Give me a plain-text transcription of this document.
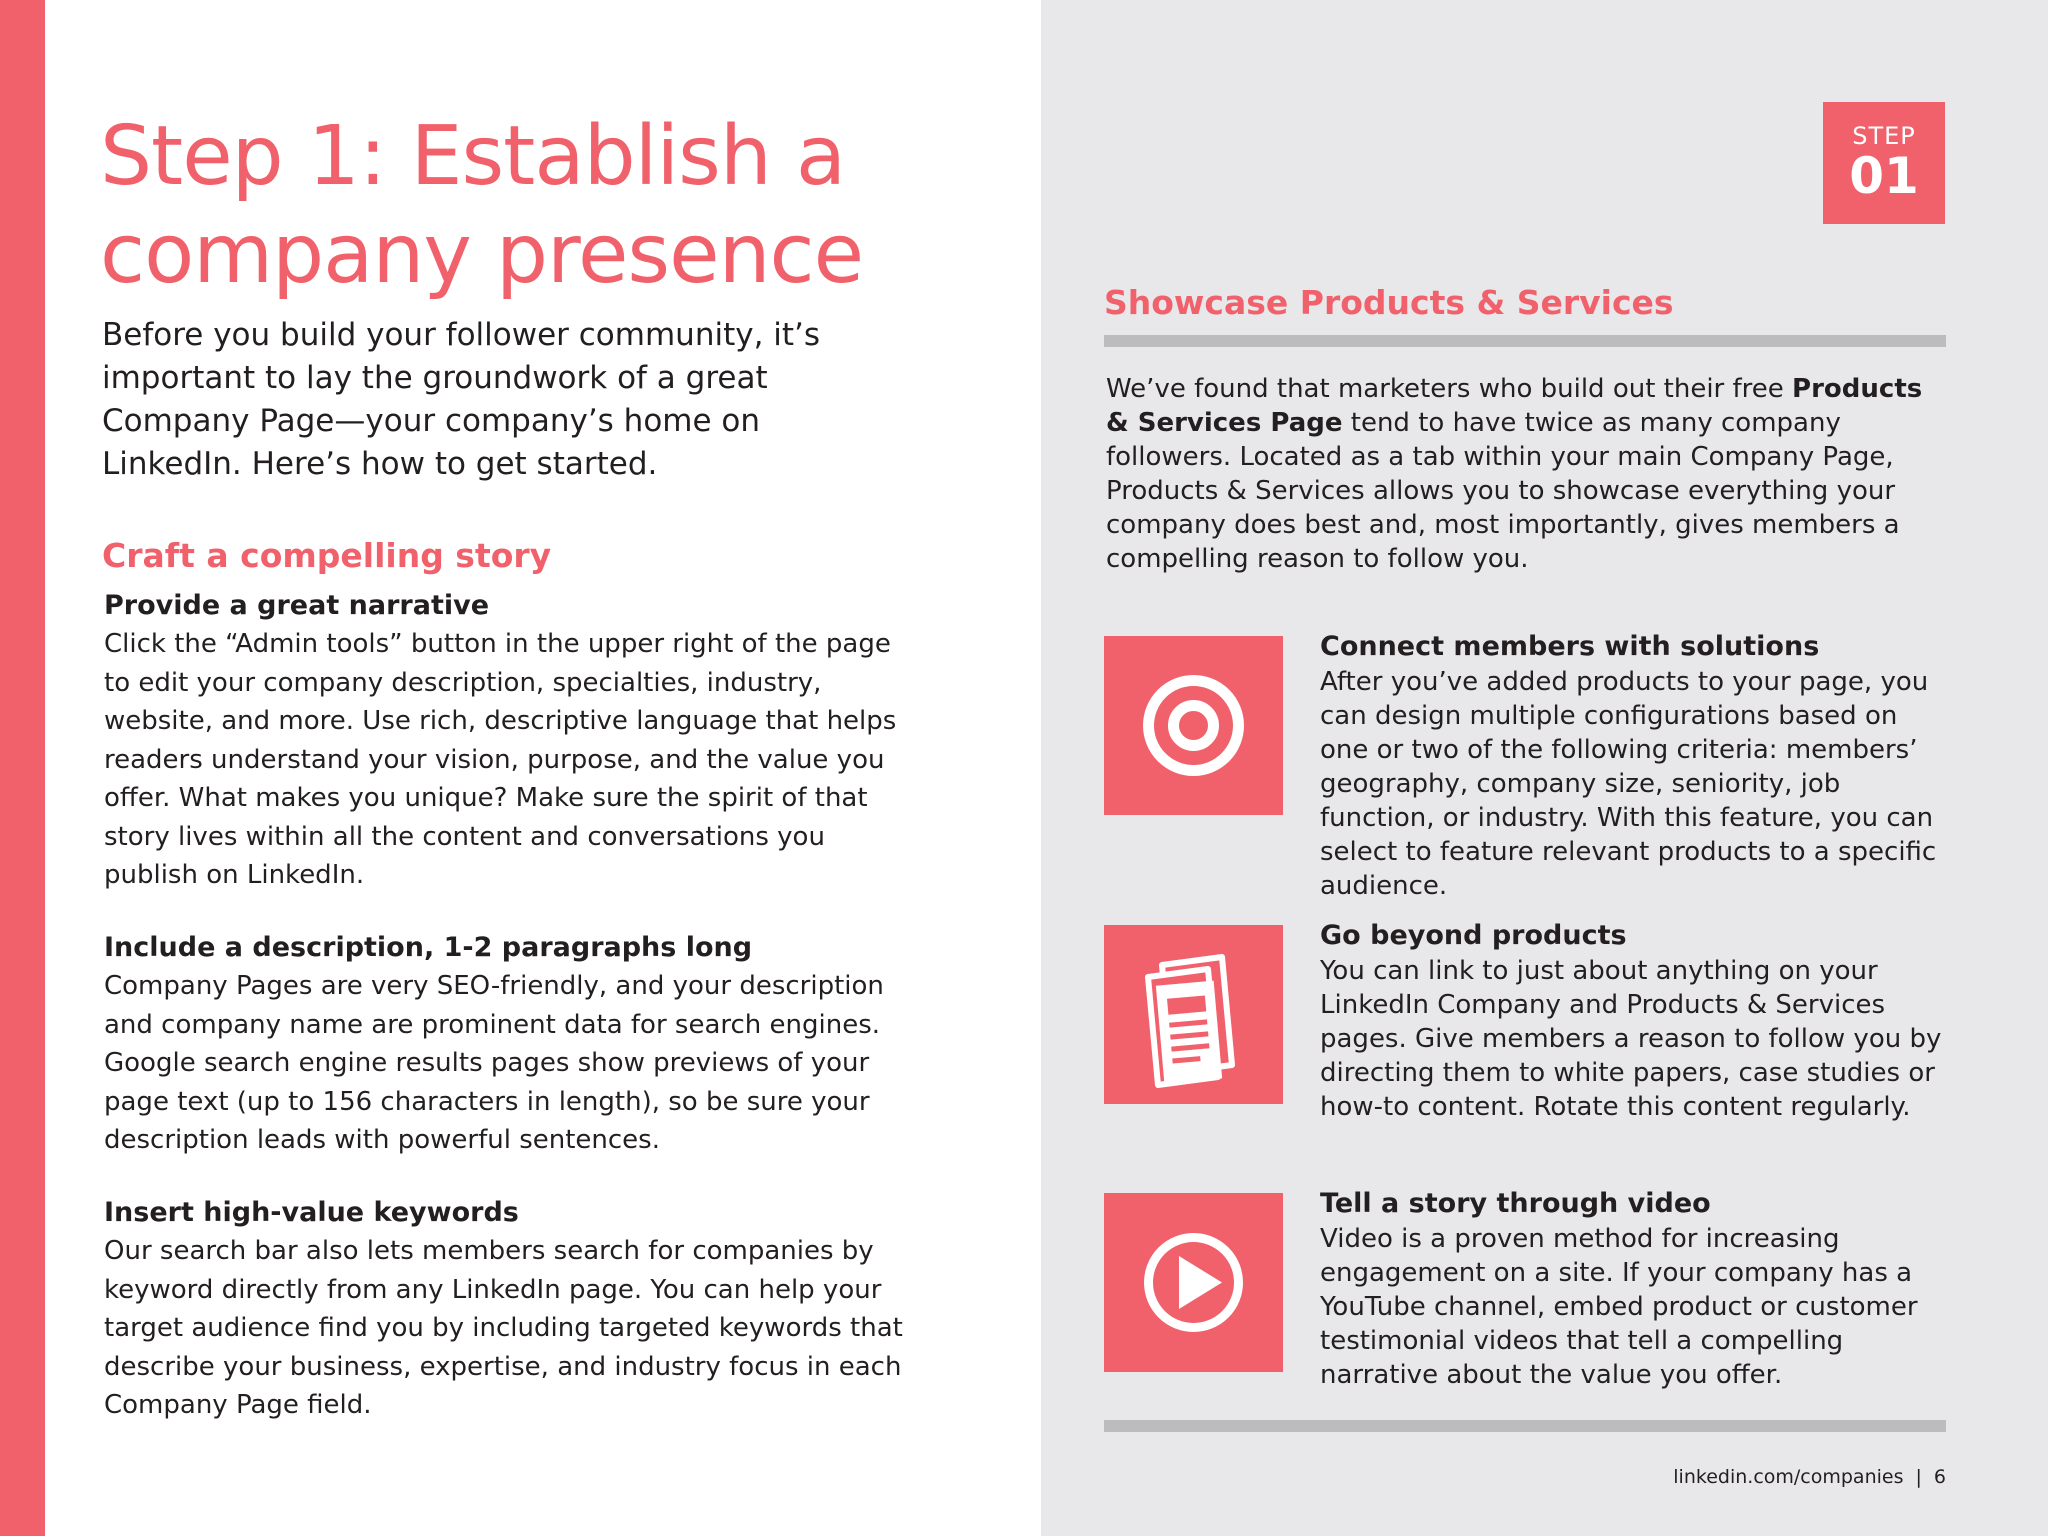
Step 1: Establish a company presence

Before you build your follower community, it’s important to lay the groundwork of a great Company Page—your company’s home on LinkedIn. Here’s how to get started.

Craft a compelling story
Provide a great narrative

Click the “Admin tools” button in the upper right of the page to edit your company description, specialties, industry, website, and more. Use rich, descriptive language that helps readers understand your vision, purpose, and the value you offer. What makes you unique? Make sure the spirit of that story lives within all the content and conversations you publish on LinkedIn.

Include a description, 1-2 paragraphs long

Company Pages are very SEO-friendly, and your description and company name are prominent data for search engines. Google search engine results pages show previews of your page text (up to 156 characters in length), so be sure your description leads with powerful sentences.

Insert high-value keywords

Our search bar also lets members search for companies by keyword directly from any LinkedIn page. You can help your target audience find you by including targeted keywords that describe your business, expertise, and industry focus in each Company Page field.

STEP
01
Showcase Products & Services

We’ve found that marketers who build out their free Products & Services Page tend to have twice as many company followers. Located as a tab within your main Company Page, Products & Services allows you to showcase everything your company does best and, most importantly, gives members a compelling reason to follow you.

Connect members with solutions

After you’ve added products to your page, you can design multiple configurations based on one or two of the following criteria: members’ geography, company size, seniority, job function, or industry. With this feature, you can select to feature relevant products to a specific audience.

Go beyond products

You can link to just about anything on your LinkedIn Company and Products & Services pages. Give members a reason to follow you by directing them to white papers, case studies or how-to content. Rotate this content regularly.

Tell a story through video

Video is a proven method for increasing engagement on a site. If your company has a YouTube channel, embed product or customer testimonial videos that tell a compelling narrative about the value you offer.

linkedin.com/companies | 6
